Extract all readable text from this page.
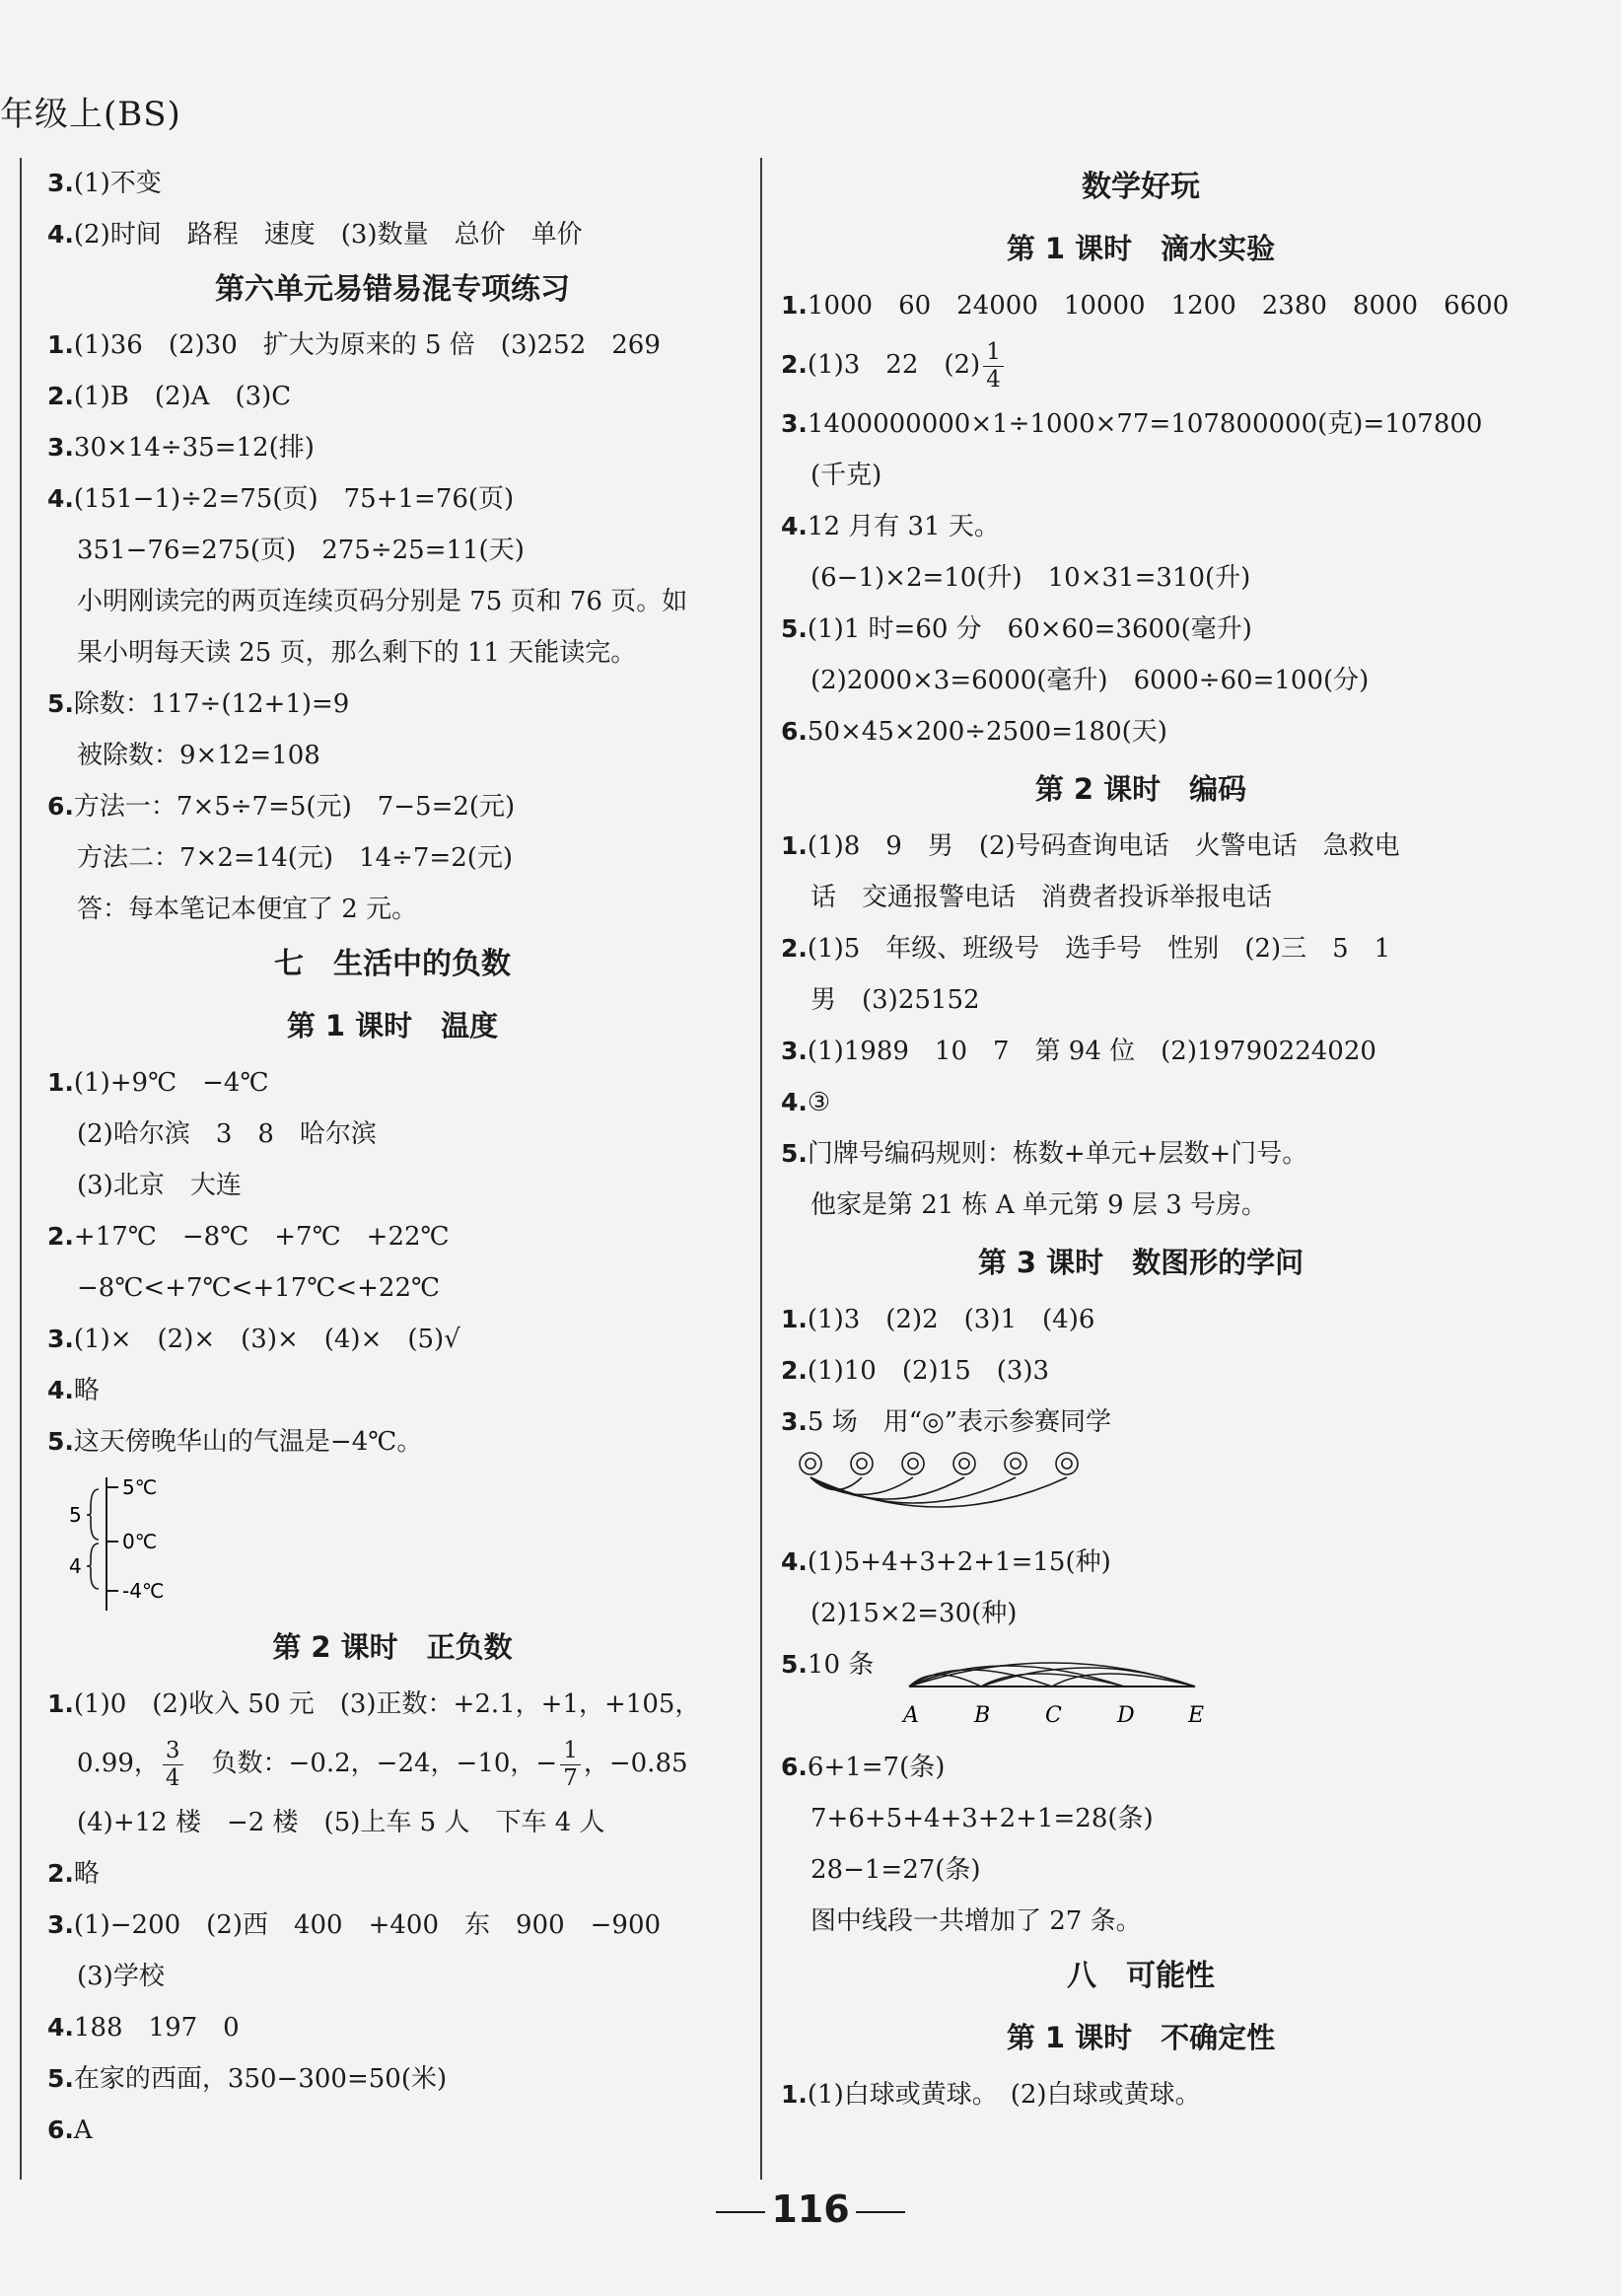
年级上(BS)
3.(1)不变
4.(2)时间　路程　速度　(3)数量　总价　单价
第六单元易错易混专项练习
1.(1)36　(2)30　扩大为原来的 5 倍　(3)252　269
2.(1)B　(2)A　(3)C
3.30×14÷35=12(排)
4.(151−1)÷2=75(页)　75+1=76(页)
351−76=275(页)　275÷25=11(天)
小明刚读完的两页连续页码分别是 75 页和 76 页。如
果小明每天读 25 页，那么剩下的 11 天能读完。
5.除数：117÷(12+1)=9
被除数：9×12=108
6.方法一：7×5÷7=5(元)　7−5=2(元)
方法二：7×2=14(元)　14÷7=2(元)
答：每本笔记本便宜了 2 元。
七　生活中的负数
第 1 课时　温度
1.(1)+9℃　−4℃
(2)哈尔滨　3　8　哈尔滨
(3)北京　大连
2.+17℃　−8℃　+7℃　+22℃
−8℃<+7℃<+17℃<+22℃
3.(1)×　(2)×　(3)×　(4)×　(5)√
4.略
5.这天傍晚华山的气温是−4℃。
5℃
0℃
-4℃
5
4
第 2 课时　正负数
1.(1)0　(2)收入 50 元　(3)正数：+2.1，+1，+105，
0.99， $\frac{3}{4}$ 　负数：−0.2，−24，−10，− $\frac{1}{7}$ ，−0.85
(4)+12 楼　−2 楼　(5)上车 5 人　下车 4 人
2.略
3.(1)−200　(2)西　400　+400　东　900　−900
(3)学校
4.188　197　0
5.在家的西面，350−300=50(米)
6.A
数学好玩
第 1 课时　滴水实验
1.1000　60　24000　10000　1200　2380　8000　6600
2.(1)3　22　$(2) \frac{1}{4}$
3.1400000000×1÷1000×77=107800000(克)=107800
(千克)
4.12 月有 31 天。
(6−1)×2=10(升)　10×31=310(升)
5.(1)1 时=60 分　60×60=3600(毫升)
(2)2000×3=6000(毫升)　6000÷60=100(分)
6.50×45×200÷2500=180(天)
第 2 课时　编码
1.(1)8　9　男　(2)号码查询电话　火警电话　急救电
话　交通报警电话　消费者投诉举报电话
2.(1)5　年级、班级号　选手号　性别　(2)三　5　1
男　(3)25152
3.(1)1989　10　7　第 94 位　(2)19790224020
4.③
5.门牌号编码规则：栋数+单元+层数+门号。
他家是第 21 栋 A 单元第 9 层 3 号房。
第 3 课时　数图形的学问
1.(1)3　(2)2　(3)1　(4)6
2.(1)10　(2)15　(3)3
3.5 场　用“◎”表示参赛同学
4.(1)5+4+3+2+1=15(种)
(2)15×2=30(种)
5.10 条
A	B	C	D E
6.6+1=7(条)
7+6+5+4+3+2+1=28(条)
28−1=27(条)
图中线段一共增加了 27 条。
八　可能性
第 1 课时　不确定性
1.(1)白球或黄球。　(2)白球或黄球。
116
